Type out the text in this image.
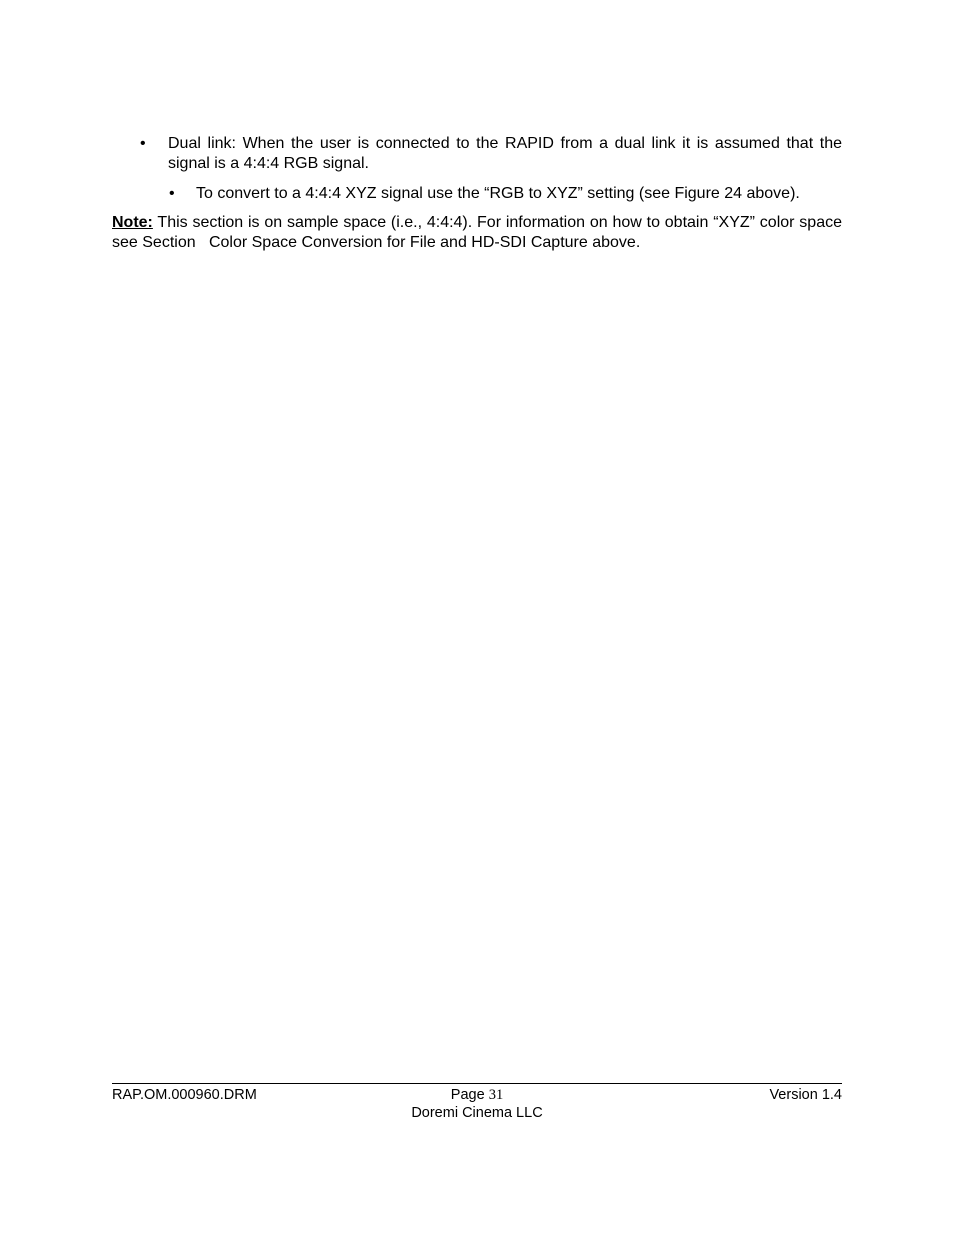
• Dual link: When the user is connected to the RAPID from a dual link it is assumed that the signal is a 4:4:4 RGB signal.
• To convert to a 4:4:4 XYZ signal use the “RGB to XYZ” setting (see Figure 24 above).
Note: This section is on sample space (i.e., 4:4:4). For information on how to obtain “XYZ” color space  see Section   Color Space Conversion for File and HD-SDI Capture above.
RAP.OM.000960.DRM	Page 31
Doremi Cinema LLC
Version 1.4
